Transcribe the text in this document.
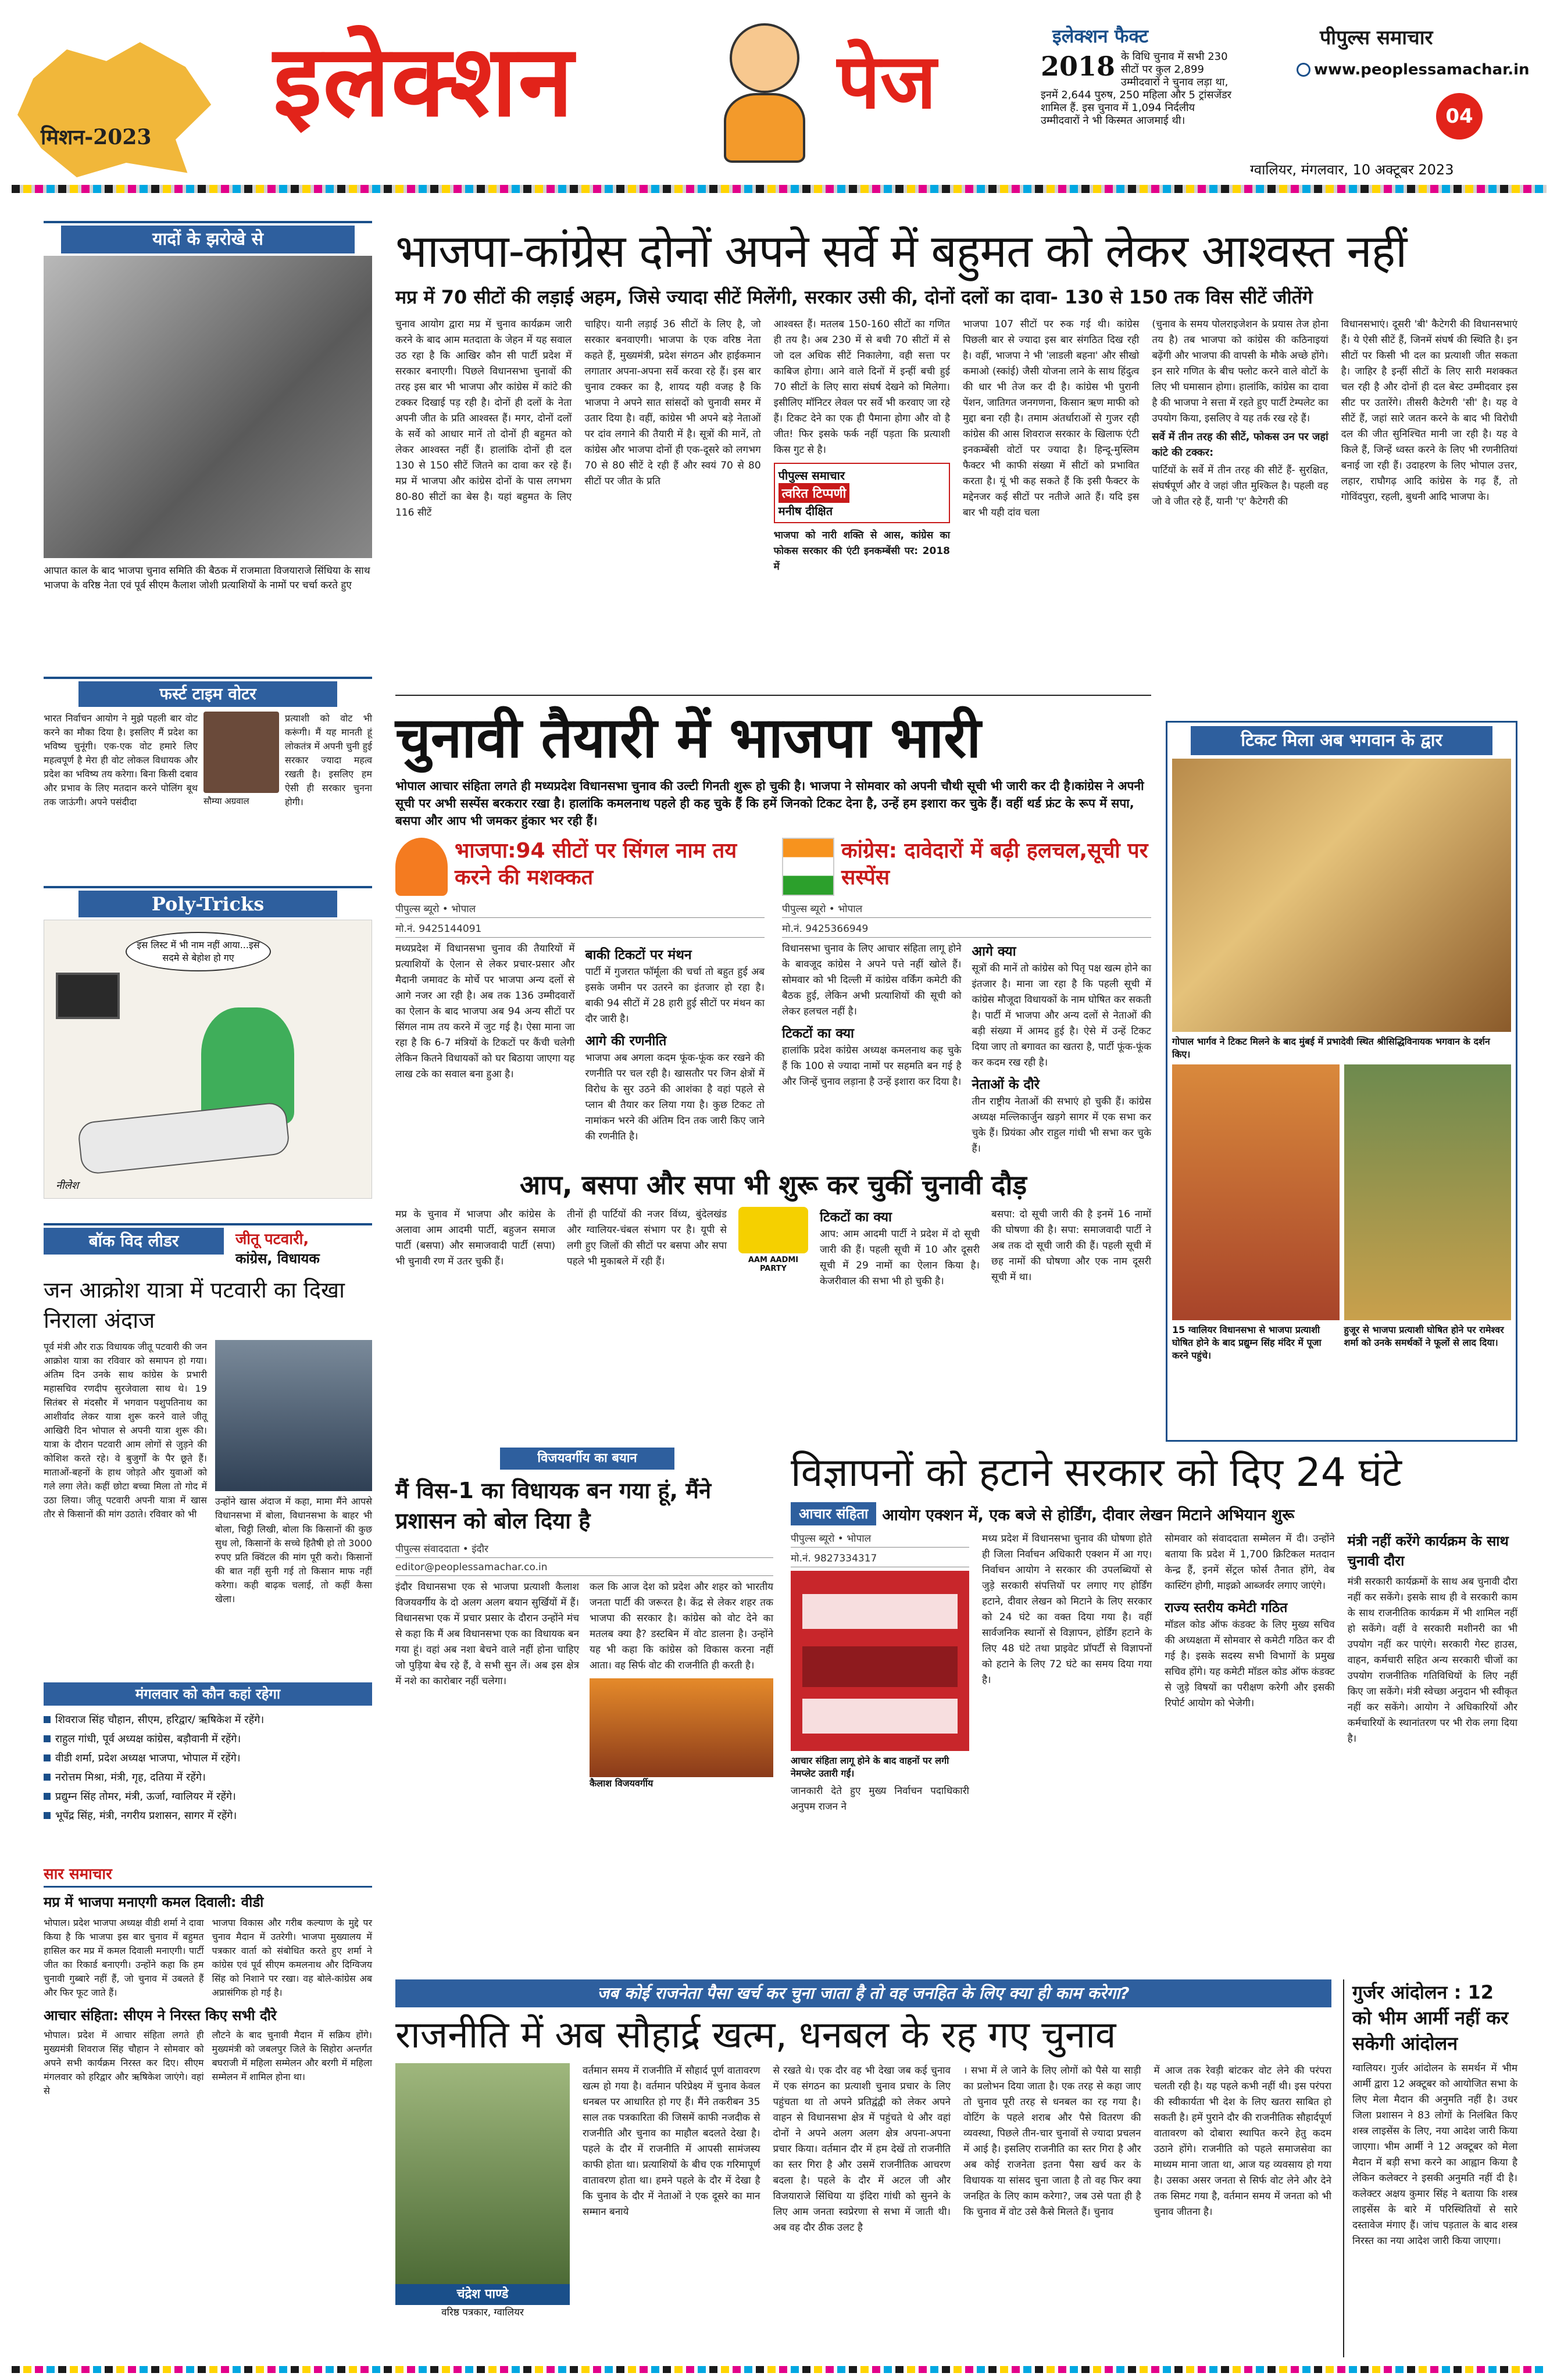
मिशन-2023 इलेक्शन	पेज
इलेक्शन फैक्ट
2018 के विधि चुनाव में सभी 230
सीटों पर कुल 2,899
उम्मीदवारों ने चुनाव लड़ा था,
इनमें 2,644 पुरुष, 250 महिला और 5 ट्रांसजेंडर
शामिल हैं. इस चुनाव में 1,094 निर्दलीय
उम्मीदवारों ने भी किस्मत आजमाई थी।
पीपुल्स समाचार
www.peoplessamachar.in
04
ग्वालियर, मंगलवार, 10 अक्टूबर 2023
यादों के झरोखे से
आपात काल के बाद भाजपा चुनाव समिति की बैठक में राजमाता विजयाराजे सिंधिया के साथ भाजपा के वरिष्ठ नेता एवं पूर्व सीएम कैलाश जोशी प्रत्याशियों के नामों पर चर्चा करते हुए
फर्स्ट टाइम वोटर
भारत निर्वाचन आयोग ने मुझे पहली बार वोट करने का मौका दिया है। इसलिए मैं प्रदेश का भविष्य चुनूंगी। एक-एक वोट हमारे लिए महत्वपूर्ण है मेरा ही वोट लोकल विधायक और प्रदेश का भविष्य तय करेगा। बिना किसी दबाव और प्रभाव के लिए मतदान करने पोलिंग बूथ तक जाऊंगी। अपने पसंदीदा	सौम्या अग्रवाल
प्रत्याशी को वोट भी करूंगी। मैं यह मानती हूं लोकतंत्र में अपनी चुनी हुई सरकार ज्यादा महत्व रखती है। इसलिए हम ऐसी ही सरकार चुनना होगी।
Poly-Tricks
इस लिस्ट में भी नाम नहीं आया...इस सदमे से बेहोश हो गए
नीलेश
बॉक विद लीडर	जीतू पटवारी,
कांग्रेस, विधायक
जन आक्रोश यात्रा में पटवारी का दिखा निराला अंदाज
पूर्व मंत्री और राऊ विधायक जीतू पटवारी की जन आक्रोश यात्रा का रविवार को समापन हो गया। अंतिम दिन उनके साथ कांग्रेस के प्रभारी महासचिव रणदीप सुरजेवाला साथ थे। 19 सितंबर से मंदसौर में भगवान पशुपतिनाथ का आशीर्वाद लेकर यात्रा शुरू करने वाले जीतू आखिरी दिन भोपाल से अपनी यात्रा शुरू की। यात्रा के दौरान पटवारी आम लोगों से जुड़ने की कोशिश करते रहे। वे बुजुर्गों के पैर छूते हैं। माताओं-बहनों के हाथ जोड़ते और युवाओं को गले लगा लेते। कहीं छोटा बच्चा मिला तो गोद में उठा लिया। जीतू पटवारी अपनी यात्रा में खास तौर से किसानों की मांग उठाते। रविवार को भी
उन्होंने खास अंदाज में कहा, मामा मैंने आपसे विधानसभा में बोला, विधानसभा के बाहर भी बोला, चिट्ठी लिखी, बोला कि किसानों की कुछ सुध लो, किसानों के सच्चे हितैषी हो तो 3000 रुपए प्रति क्विंटल की मांग पूरी करो। किसानों की बात नहीं सुनी गई तो किसान माफ नहीं करेगा। कही बाढ़क चलाई, तो कहीं कैसा खेला।
मंगलवार को कौन कहां रहेगा
शिवराज सिंह चौहान, सीएम, हरिद्वार/ ऋषिकेश में रहेंगे।
राहुल गांधी, पूर्व अध्यक्ष कांग्रेस, बड़ौवानी में रहेंगे।
वीडी शर्मा, प्रदेश अध्यक्ष भाजपा, भोपाल में रहेंगे।
नरोत्तम मिश्रा, मंत्री, गृह, दतिया में रहेंगे।
प्रद्युम्न सिंह तोमर, मंत्री, ऊर्जा, ग्वालियर में रहेंगे।
भूपेंद्र सिंह, मंत्री, नगरीय प्रशासन, सागर में रहेंगे।
सार समाचार
मप्र में भाजपा मनाएगी कमल दिवाली: वीडी
भोपाल। प्रदेश भाजपा अध्यक्ष वीडी शर्मा ने दावा किया है कि भाजपा इस बार चुनाव में बहुमत हासिल कर मप्र में कमल दिवाली मनाएगी। पार्टी जीत का रिकार्ड बनाएगी। उन्होंने कहा कि हम चुनावी गुब्बारे नहीं हैं, जो चुनाव में उबलते हैं और फिर फूट जाते हैं।
भाजपा विकास और गरीब कल्याण के मुद्दे पर चुनाव मैदान में उतरेगी। भाजपा मुख्यालय में पत्रकार वार्ता को संबोधित करते हुए शर्मा ने कांग्रेस एवं पूर्व सीएम कमलनाथ और दिग्विजय सिंह को निशाने पर रखा। वह बोले-कांग्रेस अब अप्रासंगिक हो गई है।
आचार संहिता: सीएम ने निरस्त किए सभी दौरे
भोपाल। प्रदेश में आचार संहिता लगते ही मुख्यमंत्री शिवराज सिंह चौहान ने सोमवार को अपने सभी कार्यक्रम निरस्त कर दिए। सीएम मंगलवार को हरिद्वार और ऋषिकेश जाएंगे। वहां से
लौटने के बाद चुनावी मैदान में सक्रिय होंगे। मुख्यमंत्री को जबलपुर जिले के सिहोरा अन्तर्गत बघराजी में महिला सम्मेलन और बरगी में महिला सम्मेलन में शामिल होना था।
भाजपा-कांग्रेस दोनों अपने सर्वे में बहुमत को लेकर आश्वस्त नहीं
मप्र में 70 सीटों की लड़ाई अहम, जिसे ज्यादा सीटें मिलेंगी, सरकार उसी की, दोनों दलों का दावा- 130 से 150 तक विस सीटें जीतेंगे
चुनाव आयोग द्वारा मप्र में चुनाव कार्यक्रम जारी करने के बाद आम मतदाता के जेहन में यह सवाल उठ रहा है कि आखिर कौन सी पार्टी प्रदेश में सरकार बनाएगी। पिछले विधानसभा चुनावों की तरह इस बार भी भाजपा और कांग्रेस में कांटे की टक्कर दिखाई पड़ रही है। दोनों ही दलों के नेता अपनी जीत के प्रति आश्वस्त हैं। मगर, दोनों दलों के सर्वे को आधार मानें तो दोनों ही बहुमत को लेकर आश्वस्त नहीं हैं। हालांकि दोनों ही दल 130 से 150 सीटें जितने का दावा कर रहे हैं। मप्र में भाजपा और कांग्रेस दोनों के पास लगभग 80-80 सीटों का बेस है। यहां बहुमत के लिए 116 सीटें
चाहिए। यानी लड़ाई 36 सीटों के लिए है, जो सरकार बनवाएगी। भाजपा के एक वरिष्ठ नेता कहते हैं, मुख्यमंत्री, प्रदेश संगठन और हाईकमान लगातार अपना-अपना सर्वे करवा रहे हैं। इस बार चुनाव टक्कर का है, शायद यही वजह है कि भाजपा ने अपने सात सांसदों को चुनावी समर में उतार दिया है। वहीं, कांग्रेस भी अपने बड़े नेताओं पर दांव लगाने की तैयारी में है। सूत्रों की मानें, तो कांग्रेस और भाजपा दोनों ही एक-दूसरे को लगभग 70 से 80 सीटें दे रही हैं और स्वयं 70 से 80 सीटों पर जीत के प्रति
आश्वस्त हैं। मतलब 150-160 सीटों का गणित ही तय है। अब 230 में से बची 70 सीटों में से जो दल अधिक सीटें निकालेगा, वही सत्ता पर काबिज होगा। आने वाले दिनों में इन्हीं बची हुई 70 सीटों के लिए सारा संघर्ष देखने को मिलेगा। इसीलिए मॉनिटर लेवल पर सर्वे भी करवाए जा रहे हैं। टिकट देने का एक ही पैमाना होगा और वो है जीत! फिर इसके फर्क नहीं पड़ता कि प्रत्याशी किस गुट से है।
पीपुल्स समाचार
त्वरित टिप्पणी
मनीष दीक्षित
भाजपा को नारी शक्ति से आस, कांग्रेस का फोकस सरकार की एंटी इनकम्बेंसी पर: 2018 में
भाजपा 107 सीटों पर रुक गई थी। कांग्रेस पिछली बार से ज्यादा इस बार संगठित दिख रही है। वहीं, भाजपा ने भी 'लाडली बहना' और सीखो कमाओ (स्कांई) जैसी योजना लाने के साथ हिंदुत्व की धार भी तेज कर दी है। कांग्रेस भी पुरानी पेंशन, जातिगत जनगणना, किसान ऋण माफी को मुद्दा बना रही है। तमाम अंतर्धाराओं से गुजर रही कांग्रेस की आस शिवराज सरकार के खिलाफ एंटी इनकम्बेंसी वोटों पर ज्यादा है। हिन्दू-मुस्लिम फैक्टर भी काफी संख्या में सीटों को प्रभावित करता है। यूं भी कह सकते हैं कि इसी फैक्टर के मद्देनजर कई सीटों पर नतीजे आते हैं। यदि इस बार भी यही दांव चला
(चुनाव के समय पोलराइजेशन के प्रयास तेज होना तय है) तब भाजपा को कांग्रेस की कठिनाइयां बढ़ेंगी और भाजपा की वापसी के मौके अच्छे होंगे। इन सारे गणित के बीच फ्लोट करने वाले वोटों के लिए भी घमासान होगा। हालांकि, कांग्रेस का दावा है की भाजपा ने सत्ता में रहते हुए पार्टी टेम्पलेट का उपयोग किया, इसलिए वे यह तर्क रख रहे हैं।
सर्वे में तीन तरह की सीटें, फोकस उन पर जहां कांटे की टक्कर:
पार्टियों के सर्वे में तीन तरह की सीटें हैं- सुरक्षित, संघर्षपूर्ण और वे जहां जीत मुश्किल है। पहली वह जो वे जीत रहे हैं, यानी 'ए' कैटेगरी की
विधानसभाएं। दूसरी 'बी' कैटेगरी की विधानसभाएं हैं। ये ऐसी सीटें हैं, जिनमें संघर्ष की स्थिति है। इन सीटों पर किसी भी दल का प्रत्याशी जीत सकता है। जाहिर है इन्हीं सीटों के लिए सारी मशक्कत चल रही है और दोनों ही दल बेस्ट उम्मीदवार इस सीट पर उतारेंगे। तीसरी कैटेगरी 'सी' है। यह वे सीटें हैं, जहां सारे जतन करने के बाद भी विरोधी दल की जीत सुनिश्चित मानी जा रही है। यह वे किले हैं, जिन्हें ध्वस्त करने के लिए भी रणनीतियां बनाई जा रही हैं। उदाहरण के लिए भोपाल उत्तर, लहार, राघौगढ़ आदि कांग्रेस के गढ़ हैं, तो गोविंदपुरा, रहली, बुधनी आदि भाजपा के।
चुनावी तैयारी में भाजपा भारी
भोपाल आचार संहिता लगते ही मध्यप्रदेश विधानसभा चुनाव की उल्टी गिनती शुरू हो चुकी है। भाजपा ने सोमवार को अपनी चौथी सूची भी जारी कर दी है।कांग्रेस ने अपनी सूची पर अभी सस्पेंस बरकरार रखा है। हालांकि कमलनाथ पहले ही कह चुके हैं कि हमें जिनको टिकट देना है, उन्हें हम इशारा कर चुके हैं। वहीं थर्ड फ्रंट के रूप में सपा, बसपा और आप भी जमकर हुंकार भर रही हैं।
भाजपा:94 सीटों पर सिंगल नाम तय करने की मशक्कत
पीपुल्स ब्यूरो • भोपाल
मो.नं. 9425144091
मध्यप्रदेश में विधानसभा चुनाव की तैयारियों में प्रत्याशियों के ऐलान से लेकर प्रचार-प्रसार और मैदानी जमावट के मोर्चे पर भाजपा अन्य दलों से आगे नजर आ रही है। अब तक 136 उम्मीदवारों का ऐलान के बाद भाजपा अब 94 अन्य सीटों पर सिंगल नाम तय करने में जुट गई है। ऐसा माना जा रहा है कि 6-7 मंत्रियों के टिकटों पर कैंची चलेगी लेकिन कितने विधायकों को घर बिठाया जाएगा यह लाख टके का सवाल बना हुआ है।
बाकी टिकटों पर मंथन
पार्टी में गुजरात फॉर्मूला की चर्चा तो बहुत हुई अब इसके जमीन पर उतरने का इंतजार हो रहा है। बाकी 94 सीटों में 28 हारी हुई सीटों पर मंथन का दौर जारी है।
आगे की रणनीति
भाजपा अब अगला कदम फूंक-फूंक कर रखने की रणनीति पर चल रही है। खासतौर पर जिन क्षेत्रों में विरोध के सुर उठने की आशंका है वहां पहले से प्लान बी तैयार कर लिया गया है। कुछ टिकट तो नामांकन भरने की अंतिम दिन तक जारी किए जाने की रणनीति है।
कांग्रेस: दावेदारों में बढ़ी हलचल,सूची पर सस्पेंस
पीपुल्स ब्यूरो • भोपाल
मो.नं. 9425366949
विधानसभा चुनाव के लिए आचार संहिता लागू होने के बावजूद कांग्रेस ने अपने पत्ते नहीं खोले हैं। सोमवार को भी दिल्ली में कांग्रेस वर्किंग कमेटी की बैठक हुई, लेकिन अभी प्रत्याशियों की सूची को लेकर हलचल नहीं है।
टिकटों का क्या
हालांकि प्रदेश कांग्रेस अध्यक्ष कमलनाथ कह चुके हैं कि 100 से ज्यादा नामों पर सहमति बन गई है और जिन्हें चुनाव लड़ाना है उन्हें इशारा कर दिया है।
आगे क्या
सूत्रों की मानें तो कांग्रेस को पितृ पक्ष खत्म होने का इंतजार है। माना जा रहा है कि पहली सूची में कांग्रेस मौजूदा विधायकों के नाम घोषित कर सकती है। पार्टी में भाजपा और अन्य दलों से नेताओं की बड़ी संख्या में आमद हुई है। ऐसे में उन्हें टिकट दिया जाए तो बगावत का खतरा है, पार्टी फूंक-फूंक कर कदम रख रही है।
नेताओं के दौरे
तीन राष्ट्रीय नेताओं की सभाएं हो चुकी हैं। कांग्रेस अध्यक्ष मल्लिकार्जुन खड़गे सागर में एक सभा कर चुके हैं। प्रियंका और राहुल गांधी भी सभा कर चुके हैं।
आप, बसपा और सपा भी शुरू कर चुकीं चुनावी दौड़
मप्र के चुनाव में भाजपा और कांग्रेस के अलावा आम आदमी पार्टी, बहुजन समाज पार्टी (बसपा) और समाजवादी पार्टी (सपा) भी चुनावी रण में उतर चुकी हैं।
तीनों ही पार्टियों की नजर विंध्य, बुंदेलखंड और ग्वालियर-चंबल संभाग पर है। यूपी से लगी हुए जिलों की सीटों पर बसपा और सपा पहले भी मुकाबले में रही हैं।	AAM AADMI PARTY
टिकटों का क्या
आप: आम आदमी पार्टी ने प्रदेश में दो सूची जारी की हैं। पहली सूची में 10 और दूसरी सूची में 29 नामों का ऐलान किया है। केजरीवाल की सभा भी हो चुकी है।
बसपा: दो सूची जारी की है इनमें 16 नामों की घोषणा की है। सपा: समाजवादी पार्टी ने अब तक दो सूची जारी की हैं। पहली सूची में छह नामों की घोषणा और एक नाम दूसरी सूची में था।
टिकट मिला अब भगवान के द्वार
गोपाल भार्गव ने टिकट मिलने के बाद मुंबई में प्रभादेवी स्थित श्रीसिद्धिविनायक भगवान के दर्शन किए।
15 ग्वालियर विधानसभा से भाजपा प्रत्याशी घोषित होने के बाद प्रद्युम्न सिंह मंदिर में पूजा करने पहुंचे।
हुजूर से भाजपा प्रत्याशी घोषित होने पर रामेश्वर शर्मा को उनके समर्थकों ने फूलों से लाद दिया।
विजयवर्गीय का बयान
मैं विस-1 का विधायक बन गया हूं, मैंने प्रशासन को बोल दिया है
पीपुल्स संवाददाता • इंदौर
editor@peoplessamachar.co.in
इंदौर विधानसभा एक से भाजपा प्रत्याशी कैलाश विजयवर्गीय के दो अलग अलग बयान सुर्खियों में हैं। विधानसभा एक में प्रचार प्रसार के दौरान उन्होंने मंच से कहा कि मैं अब विधानसभा एक का विधायक बन गया हूं। वहां अब नशा बेचने वाले नहीं होना चाहिए जो पुड़िया बेच रहे हैं, वे सभी सुन लें। अब इस क्षेत्र में नशे का कारोबार नहीं चलेगा।
कल कि आज देश को प्रदेश और शहर को भारतीय जनता पार्टी की जरूरत है। केंद्र से लेकर शहर तक भाजपा की सरकार है। कांग्रेस को वोट देने का मतलब क्या है? डस्टबिन में वोट डालना है। उन्होंने यह भी कहा कि कांग्रेस को विकास करना नहीं आता। वह सिर्फ वोट की राजनीति ही करती है।
कैलाश विजयवर्गीय
विज्ञापनों को हटाने सरकार को दिए 24 घंटे
आचार संहिता आयोग एक्शन में, एक बजे से होर्डिंग, दीवार लेखन मिटाने अभियान शुरू
पीपुल्स ब्यूरो • भोपाल
मो.नं. 9827334317
आचार संहिता लागू होने के बाद वाहनों पर लगी नेमप्लेट उतारी गईं।
जानकारी देते हुए मुख्य निर्वाचन पदाधिकारी अनुपम राजन ने
मध्य प्रदेश में विधानसभा चुनाव की घोषणा होते ही जिला निर्वाचन अधिकारी एक्शन में आ गए। निर्वाचन आयोग ने सरकार की उपलब्धियों से जुड़े सरकारी संपत्तियों पर लगाए गए होर्डिंग हटाने, दीवार लेखन को मिटाने के लिए सरकार को 24 घंटे का वक्त दिया गया है। वहीं सार्वजनिक स्थानों से विज्ञापन, होर्डिंग हटाने के लिए 48 घंटे तथा प्राइवेट प्रॉपर्टी से विज्ञापनों को हटाने के लिए 72 घंटे का समय दिया गया है।
सोमवार को संवाददाता सम्मेलन में दी। उन्होंने बताया कि प्रदेश में 1,700 क्रिटिकल मतदान केन्द्र हैं, इनमें सेंट्रल फोर्स तैनात होंगे, वेब कास्टिंग होगी, माइक्रो आब्जर्वर लगाए जाएंगे।
राज्य स्तरीय कमेटी गठित
मॉडल कोड ऑफ कंडक्ट के लिए मुख्य सचिव की अध्यक्षता में सोमवार से कमेटी गठित कर दी गई है। इसके सदस्य सभी विभागों के प्रमुख सचिव होंगे। यह कमेटी मॉडल कोड ऑफ कंडक्ट से जुड़े विषयों का परीक्षण करेगी और इसकी रिपोर्ट आयोग को भेजेगी।
मंत्री नहीं करेंगे कार्यक्रम के साथ चुनावी दौरा
मंत्री सरकारी कार्यक्रमों के साथ अब चुनावी दौरा नहीं कर सकेंगे। इसके साथ ही वे सरकारी काम के साथ राजनीतिक कार्यक्रम में भी शामिल नहीं हो सकेंगे। वहीं वे सरकारी मशीनरी का भी उपयोग नहीं कर पाएंगे। सरकारी गेस्ट हाउस, वाहन, कर्मचारी सहित अन्य सरकारी चीजों का उपयोग राजनीतिक गतिविधियों के लिए नहीं किए जा सकेंगे। मंत्री स्वेच्छा अनुदान भी स्वीकृत नहीं कर सकेंगे। आयोग ने अधिकारियों और कर्मचारियों के स्थानांतरण पर भी रोक लगा दिया है।
जब कोई राजनेता पैसा खर्च कर चुना जाता है तो वह जनहित के लिए क्या ही काम करेगा?
राजनीति में अब सौहार्द्र खत्म, धनबल के रह गए चुनाव
चंद्रेश पाण्डे
वरिष्ठ पत्रकार, ग्वालियर
वर्तमान समय में राजनीति में सौहार्द पूर्ण वातावरण खत्म हो गया है। वर्तमान परिप्रेक्ष्य में चुनाव केवल धनबल पर आधारित हो गए हैं। मैंने तकरीबन 35 साल तक पत्रकारिता की जिसमें काफी नजदीक से राजनीति और चुनाव का माहौल बदलते देखा है। पहले के दौर में राजनीति में आपसी सामंजस्य काफी होता था। प्रत्याशियों के बीच एक गरिमापूर्ण वातावरण होता था। हमने पहले के दौर में देखा है कि चुनाव के दौर में नेताओं ने एक दूसरे का मान सम्मान बनाये
से रखते थे। एक दौर वह भी देखा जब कई चुनाव में एक संगठन का प्रत्याशी चुनाव प्रचार के लिए पहुंचता था तो अपने प्रतिद्वंद्वी को लेकर अपने वाहन से विधानसभा क्षेत्र में पहुंचते थे और वहां दोनों ने अपने अलग अलग क्षेत्र अपना-अपना प्रचार किया। वर्तमान दौर में हम देखें तो राजनीति का स्तर गिरा है और उसमें राजनीतिक आचरण बदला है। पहले के दौर में अटल जी और विजयाराजे सिंधिया या इंदिरा गांधी को सुनने के लिए आम जनता स्वप्रेरणा से सभा में जाती थी। अब वह दौर ठीक उलट है
। सभा में ले जाने के लिए लोगों को पैसे या साड़ी का प्रलोभन दिया जाता है। एक तरह से कहा जाए तो चुनाव पूरी तरह से धनबल का रह गया है। वोटिंग के पहले शराब और पैसे वितरण की व्यवस्था, पिछले तीन-चार चुनावों से ज्यादा प्रचलन में आई है। इसलिए राजनीति का स्तर गिरा है और अब कोई राजनेता इतना पैसा खर्च कर के विधायक या सांसद चुना जाता है तो वह फिर क्या जनहित के लिए काम करेगा?, जब उसे पता ही है कि चुनाव में वोट उसे कैसे मिलते हैं। चुनाव
में आज तक रेवड़ी बांटकर वोट लेने की परंपरा चलती रही है। यह पहले कभी नहीं थी। इस परंपरा की स्वीकार्यता भी देश के लिए खतरा साबित हो सकती है। हमें पुराने दौर की राजनीतिक सौहार्दपूर्ण वातावरण को दोबारा स्थापित करने हेतु कदम उठाने होंगे। राजनीति को पहले समाजसेवा का माध्यम माना जाता था, आज यह व्यवसाय हो गया है। उसका असर जनता से सिर्फ वोट लेने और देने तक सिमट गया है, वर्तमान समय में जनता को भी चुनाव जीतना है।
गुर्जर आंदोलन : 12 को भीम आर्मी नहीं कर सकेगी आंदोलन
ग्वालियर। गुर्जर आंदोलन के समर्थन में भीम आर्मी द्वारा 12 अक्टूबर को आयोजित सभा के लिए मेला मैदान की अनुमति नहीं है। उधर जिला प्रशासन ने 83 लोगों के निलंबित किए शस्त्र लाइसेंस के लिए, नया आदेश जारी किया जाएगा। भीम आर्मी ने 12 अक्टूबर को मेला मैदान में बड़ी सभा करने का आह्वान किया है लेकिन कलेक्टर ने इसकी अनुमति नहीं दी है। कलेक्टर अक्षय कुमार सिंह ने बताया कि शस्त्र लाइसेंस के बारे में परिस्थितियों से सारे दस्तावेज मंगाए हैं। जांच पड़ताल के बाद शस्त्र निरस्त का नया आदेश जारी किया जाएगा।
